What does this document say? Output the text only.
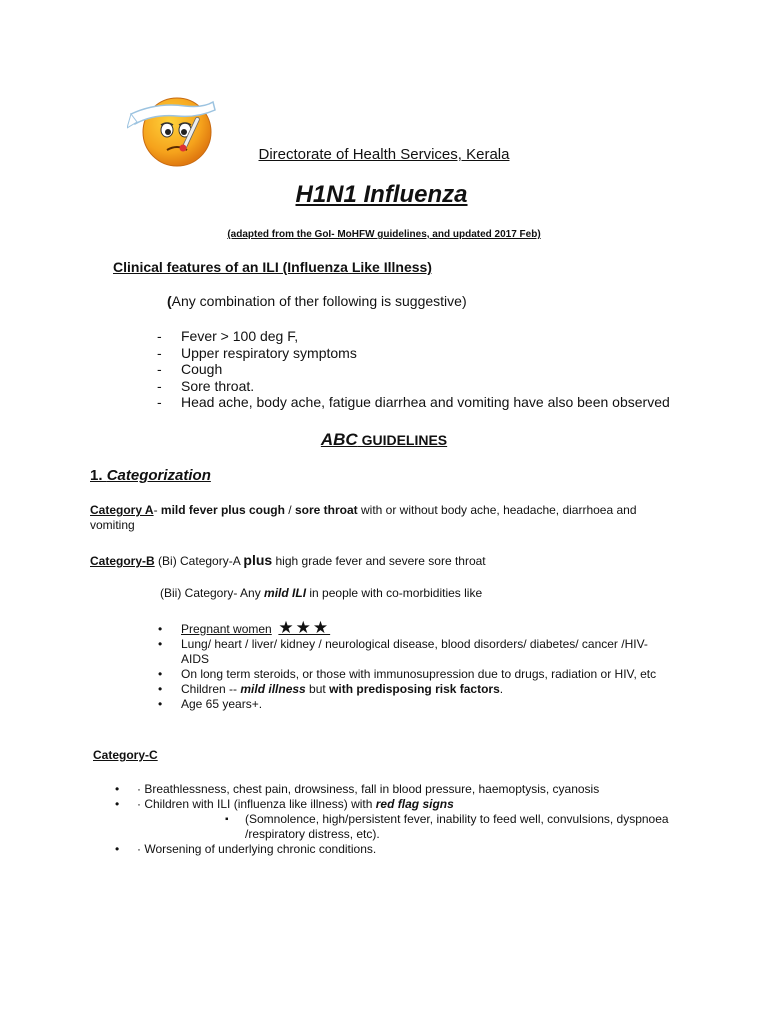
Directorate of Health Services, Kerala
H1N1 Influenza
(adapted from the GoI- MoHFW guidelines, and updated 2017 Feb)
Clinical features of an ILI (Influenza Like Illness)
(Any combination of ther following is suggestive)
- Fever > 100 deg F,
- Upper respiratory symptoms
- Cough
- Sore throat.
- Head ache, body ache, fatigue diarrhea and vomiting have also been observed
ABC GUIDELINES
1. Categorization
Category A- mild fever plus cough / sore throat with or without body ache, headache, diarrhoea and vomiting
Category-B (Bi) Category-A plus high grade fever and severe sore throat
(Bii) Category- Any mild ILI in people with co-morbidities like
• Pregnant women ★★★
• Lung/ heart / liver/ kidney / neurological disease, blood disorders/ diabetes/ cancer /HIV-AIDS
• On long term steroids, or those with immunosupression due to drugs, radiation or HIV, etc
• Children -- mild illness but with predisposing risk factors.
• Age 65 years+.
Category-C
• · Breathlessness, chest pain, drowsiness, fall in blood pressure, haemoptysis, cyanosis
• · Children with ILI (influenza like illness) with red flag signs
▪ (Somnolence, high/persistent fever, inability to feed well, convulsions, dyspnoea /respiratory distress, etc).
• · Worsening of underlying chronic conditions.
